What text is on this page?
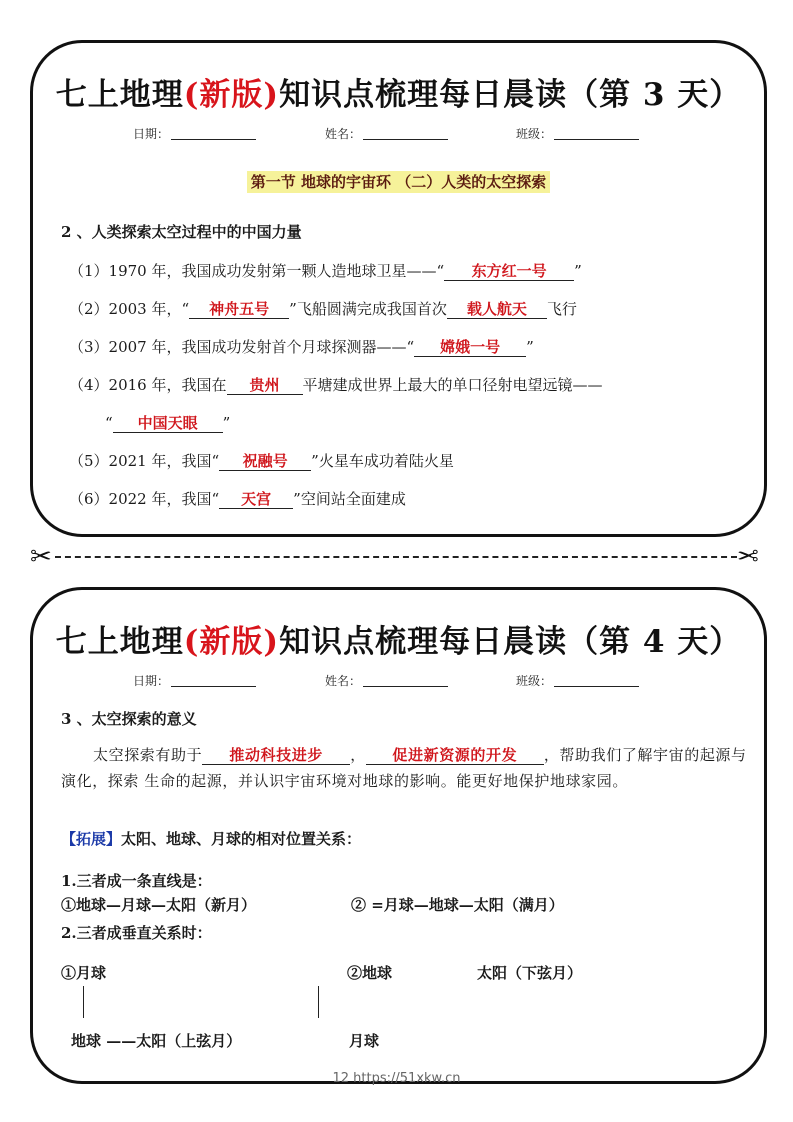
七上地理(新版)知识点梳理每日晨读（第 3 天）
日期：	姓名：	班级：
第一节 地球的宇宙环 （二）人类的太空探索
2 、人类探索太空过程中的中国力量
（1）1970 年，我国成功发射第一颗人造地球卫星——“ 东方红一号 ”
（2）2003 年，“ 神舟五号 ”飞船圆满完成我国首次 载人航天 飞行
（3）2007 年，我国成功发射首个月球探测器——“ 嫦娥一号 ”
（4）2016 年，我国在 贵州 平塘建成世界上最大的单口径射电望远镜——
“ 中国天眼 ”
（5）2021 年，我国“ 祝融号 ”火星车成功着陆火星
（6）2022 年，我国“ 天宫 ”空间站全面建成
✂	✂
七上地理(新版)知识点梳理每日晨读（第 4 天）
日期：	姓名：	班级：
3 、太空探索的意义
太空探索有助于 推动科技进步 ， 促进新资源的开发 ，帮助我们了解宇宙的起源与演化，探索 生命的起源，并认识宇宙环境对地球的影响。能更好地保护地球家园。
【拓展】太阳、地球、月球的相对位置关系：
1.三者成一条直线是：
①地球—月球—太阳（新月）	② =月球—地球—太阳（满月）
2.三者成垂直关系时：
①月球
地球 ——太阳（上弦月）
②地球	太阳（下弦月）
月球
12 https://51xkw.cn
